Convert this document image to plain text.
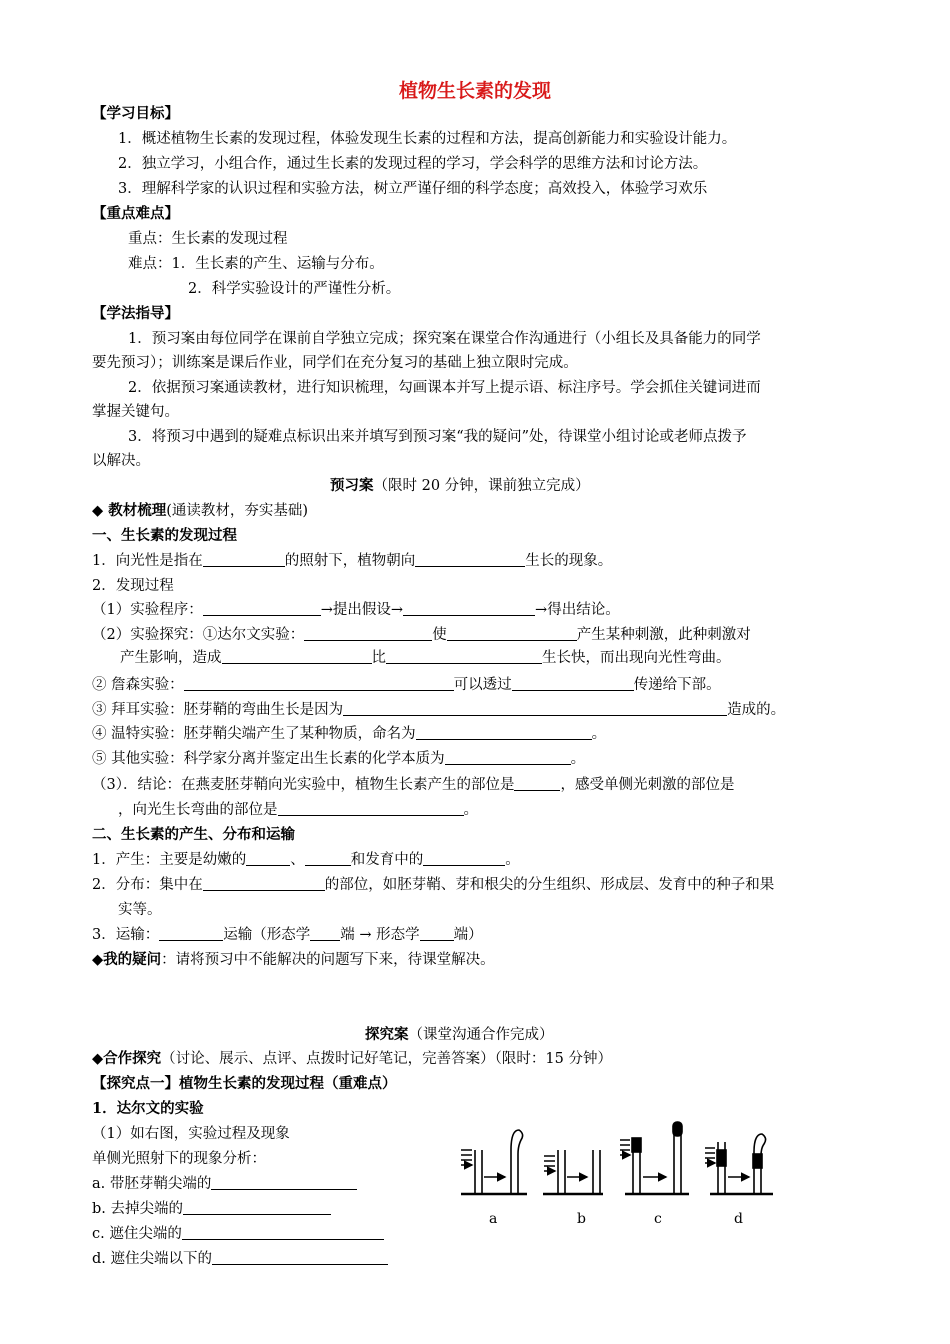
植物生长素的发现
【学习目标】
1．概述植物生长素的发现过程，体验发现生长素的过程和方法，提高创新能力和实验设计能力。
2．独立学习，小组合作，通过生长素的发现过程的学习，学会科学的思维方法和讨论方法。
3．理解科学家的认识过程和实验方法，树立严谨仔细的科学态度；高效投入，体验学习欢乐
【重点难点】
重点：生长素的发现过程
难点：1．生长素的产生、运输与分布。
2．科学实验设计的严谨性分析。
【学法指导】
1．预习案由每位同学在课前自学独立完成；探究案在课堂合作沟通进行（小组长及具备能力的同学
要先预习）；训练案是课后作业，同学们在充分复习的基础上独立限时完成。
2．依据预习案通读教材，进行知识梳理，勾画课本并写上提示语、标注序号。学会抓住关键词进而
掌握关键句。
3．将预习中遇到的疑难点标识出来并填写到预习案“我的疑问”处，待课堂小组讨论或老师点拨予
以解决。
预习案（限时 20 分钟，课前独立完成）
◆ 教材梳理(通读教材，夯实基础)
一、生长素的发现过程
1．向光性是指在	的照射下，植物朝向	生长的现象。
2．发现过程
（1）实验程序：	→提出假设→	→得出结论。
（2）实验探究：①达尔文实验：	使	产生某种刺激，此种刺激对
产生影响，造成	比	生长快，而出现向光性弯曲。
② 詹森实验：	可以透过	传递给下部。
③ 拜耳实验：胚芽鞘的弯曲生长是因为	造成的。
④ 温特实验：胚芽鞘尖端产生了某种物质，命名为	。
⑤ 其他实验：科学家分离并鉴定出生长素的化学本质为	。
（3）．结论：在燕麦胚芽鞘向光实验中，植物生长素产生的部位是	，感受单侧光刺激的部位是
，向光生长弯曲的部位是	。
二、生长素的产生、分布和运输
1．产生：主要是幼嫩的	、	和发育中的	。
2．分布：集中在	的部位，如胚芽鞘、芽和根尖的分生组织、形成层、发育中的种子和果
实等。
3．运输：	运输（形态学 端 → 形态学 端）
◆我的疑问：请将预习中不能解决的问题写下来，待课堂解决。
探究案（课堂沟通合作完成）
◆合作探究（讨论、展示、点评、点拨时记好笔记，完善答案）（限时：15 分钟）
【探究点一】植物生长素的发现过程（重难点）
1．达尔文的实验
（1）如右图，实验过程及现象
单侧光照射下的现象分析：
a. 带胚芽鞘尖端的
b. 去掉尖端的
c. 遮住尖端的
d. 遮住尖端以下的
a	b	c	d
